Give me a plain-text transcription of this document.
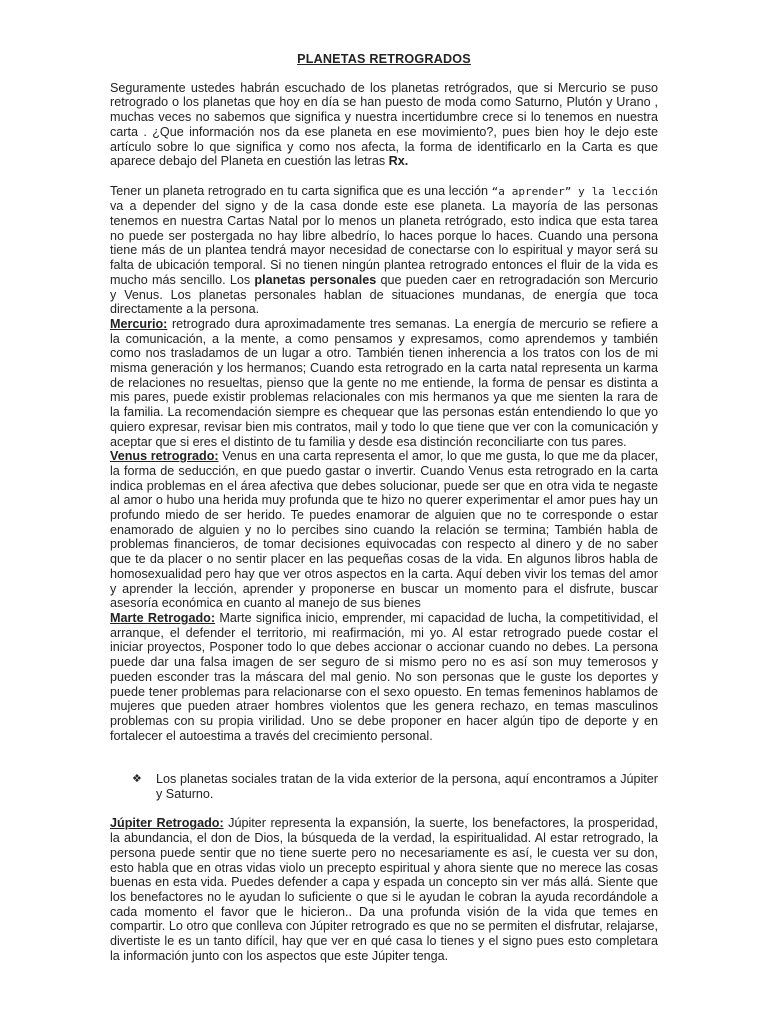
PLANETAS RETROGRADOS

Seguramente ustedes habrán escuchado de los planetas retrógrados, que si Mercurio se puso retrogrado o los planetas que hoy en día se han puesto de moda como Saturno, Plutón y Urano , muchas veces no sabemos que significa y nuestra incertidumbre crece si lo tenemos en nuestra carta . ¿Que información nos da ese planeta en ese movimiento?, pues bien hoy le dejo este artículo sobre lo que significa y como nos afecta, la forma de identificarlo en la Carta es que aparece debajo del Planeta en cuestión las letras Rx.

Tener un planeta retrogrado en tu carta significa que es una lección “a aprender” y la lección va a depender del signo y de la casa donde este ese planeta. La mayoría de las personas tenemos en nuestra Cartas Natal por lo menos un planeta retrógrado, esto indica que esta tarea no puede ser postergada no hay libre albedrío, lo haces porque lo haces. Cuando una persona tiene más de un plantea tendrá mayor necesidad de conectarse con lo espiritual y mayor será su falta de ubicación temporal. Si no tienen ningún plantea retrogrado entonces el fluir de la vida es mucho más sencillo. Los planetas personales que pueden caer en retrogradación son Mercurio y Venus. Los planetas personales hablan de situaciones mundanas, de energía que toca directamente a la persona.

Mercurio: retrogrado dura aproximadamente tres semanas. La energía de mercurio se refiere a la comunicación, a la mente, a como pensamos y expresamos, como aprendemos y también como nos trasladamos de un lugar a otro. También tienen inherencia a los tratos con los de mi misma generación y los hermanos; Cuando esta retrogrado en la carta natal representa un karma de relaciones no resueltas, pienso que la gente no me entiende, la forma de pensar es distinta a mis pares, puede existir problemas relacionales con mis hermanos ya que me sienten la rara de la familia. La recomendación siempre es chequear que las personas están entendiendo lo que yo quiero expresar, revisar bien mis contratos, mail y todo lo que tiene que ver con la comunicación y aceptar que si eres el distinto de tu familia y desde esa distinción reconciliarte con tus pares.

Venus retrogrado: Venus en una carta representa el amor, lo que me gusta, lo que me da placer, la forma de seducción, en que puedo gastar o invertir. Cuando Venus esta retrogrado en la carta indica problemas en el área afectiva que debes solucionar, puede ser que en otra vida te negaste al amor o hubo una herida muy profunda que te hizo no querer experimentar el amor pues hay un profundo miedo de ser herido. Te puedes enamorar de alguien que no te corresponde o estar enamorado de alguien y no lo percibes sino cuando la relación se termina; También habla de problemas financieros, de tomar decisiones equivocadas con respecto al dinero y de no saber que te da placer o no sentir placer en las pequeñas cosas de la vida. En algunos libros habla de homosexualidad pero hay que ver otros aspectos en la carta. Aquí deben vivir los temas del amor y aprender la lección, aprender y proponerse en buscar un momento para el disfrute, buscar asesoría económica en cuanto al manejo de sus bienes

Marte Retrogado: Marte significa inicio, emprender, mi capacidad de lucha, la competitividad, el arranque, el defender el territorio, mi reafirmación, mi yo. Al estar retrogrado puede costar el iniciar proyectos, Posponer todo lo que debes accionar o accionar cuando no debes. La persona puede dar una falsa imagen de ser seguro de si mismo pero no es así son muy temerosos y pueden esconder tras la máscara del mal genio. No son personas que le guste los deportes y puede tener problemas para relacionarse con el sexo opuesto. En temas femeninos hablamos de mujeres que pueden atraer hombres violentos que les genera rechazo, en temas masculinos problemas con su propia virilidad. Uno se debe proponer en hacer algún tipo de deporte y en fortalecer el autoestima a través del crecimiento personal.

❖	Los planetas sociales tratan de la vida exterior de la persona, aquí encontramos a Júpiter y Saturno.

Júpiter Retrogado: Júpiter representa la expansión, la suerte, los benefactores, la prosperidad, la abundancia, el don de Dios, la búsqueda de la verdad, la espiritualidad. Al estar retrogrado, la persona puede sentir que no tiene suerte pero no necesariamente es así, le cuesta ver su don, esto habla que en otras vidas violo un precepto espiritual y ahora siente que no merece las cosas buenas en esta vida. Puedes defender a capa y espada un concepto sin ver más allá. Siente que los benefactores no le ayudan lo suficiente o que si le ayudan le cobran la ayuda recordándole a cada momento el favor que le hicieron.. Da una profunda visión de la vida que temes en compartir. Lo otro que conlleva con Júpiter retrogrado es que no se permiten el disfrutar, relajarse, divertiste le es un tanto difícil, hay que ver en qué casa lo tienes y el signo pues esto completara la información junto con los aspectos que este Júpiter tenga.
